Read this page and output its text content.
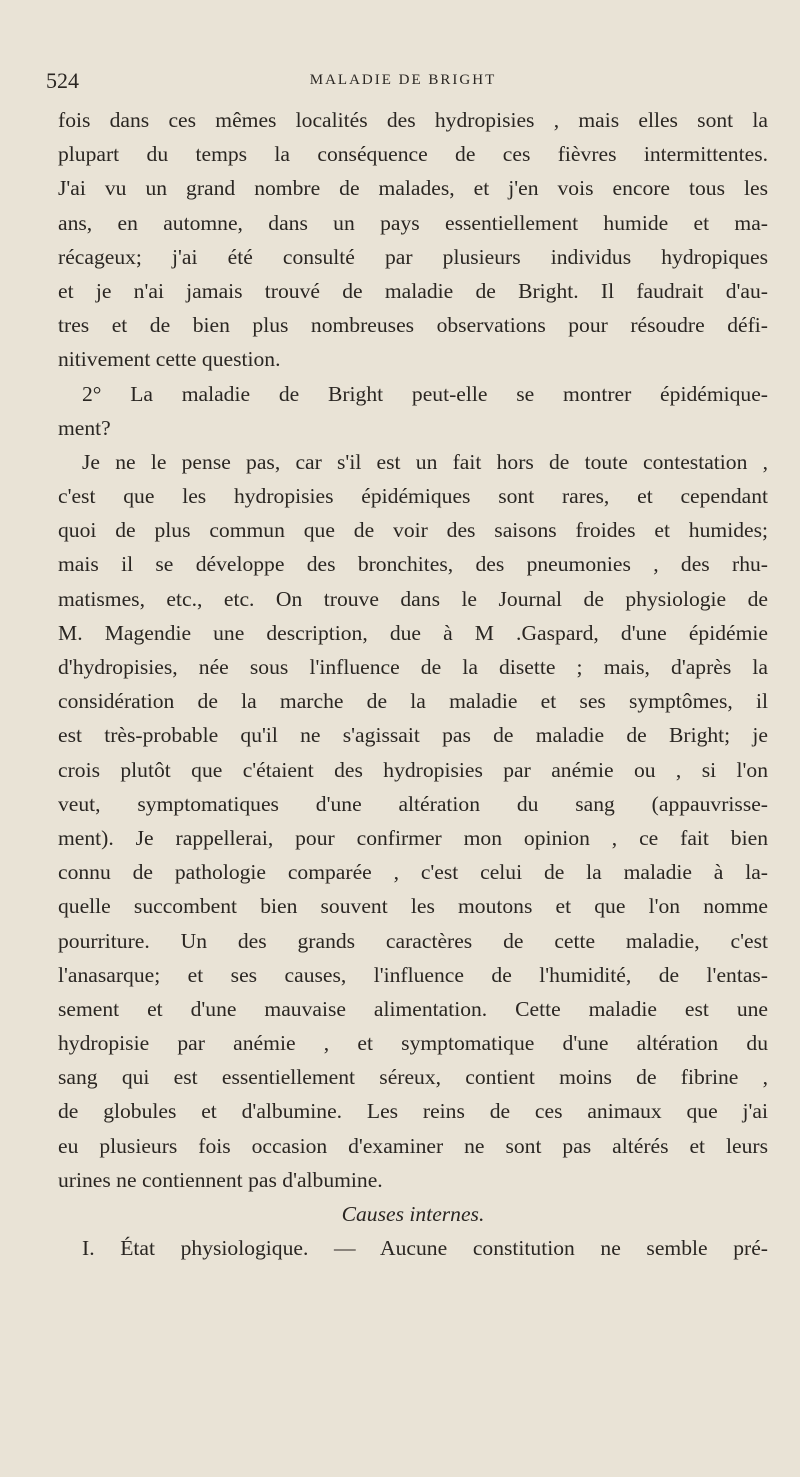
524	MALADIE DE BRIGHT
fois dans ces mêmes localités des hydropisies , mais elles sont la
plupart du temps la conséquence de ces fièvres intermittentes.
J'ai vu un grand nombre de malades, et j'en vois encore tous les
ans, en automne, dans un pays essentiellement humide et ma-
récageux; j'ai été consulté par plusieurs individus hydropiques
et je n'ai jamais trouvé de maladie de Bright. Il faudrait d'au-
tres et de bien plus nombreuses observations pour résoudre défi-
nitivement cette question.
2° La maladie de Bright peut-elle se montrer épidémique-
ment?
Je ne le pense pas, car s'il est un fait hors de toute contestation ,
c'est que les hydropisies épidémiques sont rares, et cependant
quoi de plus commun que de voir des saisons froides et humides;
mais il se développe des bronchites, des pneumonies , des rhu-
matismes, etc., etc. On trouve dans le Journal de physiologie de
M. Magendie une description, due à M .Gaspard, d'une épidémie
d'hydropisies, née sous l'influence de la disette ; mais, d'après la
considération de la marche de la maladie et ses symptômes, il
est très-probable qu'il ne s'agissait pas de maladie de Bright; je
crois plutôt que c'étaient des hydropisies par anémie ou , si l'on
veut, symptomatiques d'une altération du sang (appauvrisse-
ment). Je rappellerai, pour confirmer mon opinion , ce fait bien
connu de pathologie comparée , c'est celui de la maladie à la-
quelle succombent bien souvent les moutons et que l'on nomme
pourriture. Un des grands caractères de cette maladie, c'est
l'anasarque; et ses causes, l'influence de l'humidité, de l'entas-
sement et d'une mauvaise alimentation. Cette maladie est une
hydropisie par anémie , et symptomatique d'une altération du
sang qui est essentiellement séreux, contient moins de fibrine ,
de globules et d'albumine. Les reins de ces animaux que j'ai
eu plusieurs fois occasion d'examiner ne sont pas altérés et leurs
urines ne contiennent pas d'albumine.
Causes internes.
I. État physiologique. — Aucune constitution ne semble pré-
